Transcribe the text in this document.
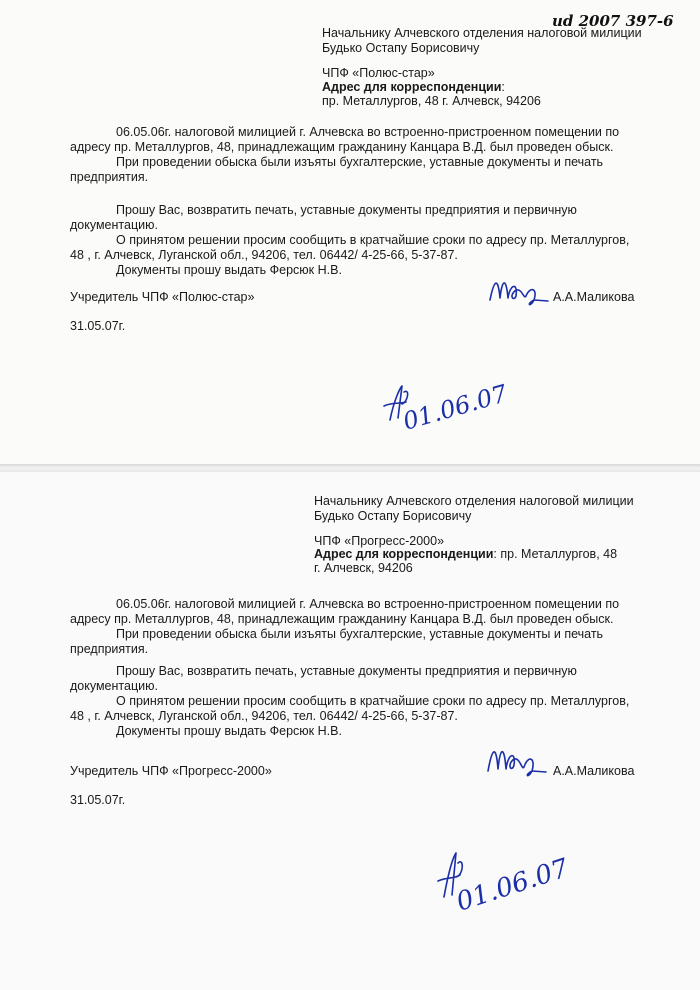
ud 2007 397-6
Начальнику Алчевского отделения налоговой милиции
Будько Остапу Борисовичу
ЧПФ «Полюс-стар»
Адрес для корреспонденции:
пр. Металлургов, 48 г. Алчевск, 94206

06.05.06г. налоговой милицией г. Алчевска во встроенно-пристроенном помещении по

адресу пр. Металлургов, 48, принадлежащим гражданину Канцара В.Д. был проведен обыск.

При проведении обыска были изъяты бухгалтерские, уставные документы и печать

предприятия.

Прошу Вас, возвратить печать, уставные документы предприятия и первичную

документацию.

О принятом решении просим сообщить в кратчайшие сроки по адресу пр. Металлургов,

48 , г. Алчевск, Луганской обл., 94206, тел. 06442/ 4-25-66, 5-37-87.

Документы прошу выдать Ферсюк Н.В.

Учредитель ЧПФ «Полюс-стар»	А.А.Маликова
31.05.07г.
01.06.07
Начальнику Алчевского отделения налоговой милиции
Будько Остапу Борисовичу
ЧПФ «Прогресс-2000»
Адрес для корреспонденции: пр. Металлургов, 48
г. Алчевск, 94206

06.05.06г. налоговой милицией г. Алчевска во встроенно-пристроенном помещении по

адресу пр. Металлургов, 48, принадлежащим гражданину Канцара В.Д. был проведен обыск.

При проведении обыска были изъяты бухгалтерские, уставные документы и печать

предприятия.

Прошу Вас, возвратить печать, уставные документы предприятия и первичную

документацию.

О принятом решении просим сообщить в кратчайшие сроки по адресу пр. Металлургов,

48 , г. Алчевск, Луганской обл., 94206, тел. 06442/ 4-25-66, 5-37-87.

Документы прошу выдать Ферсюк Н.В.

Учредитель ЧПФ «Прогресс-2000»	А.А.Маликова
31.05.07г.
01.06.07
